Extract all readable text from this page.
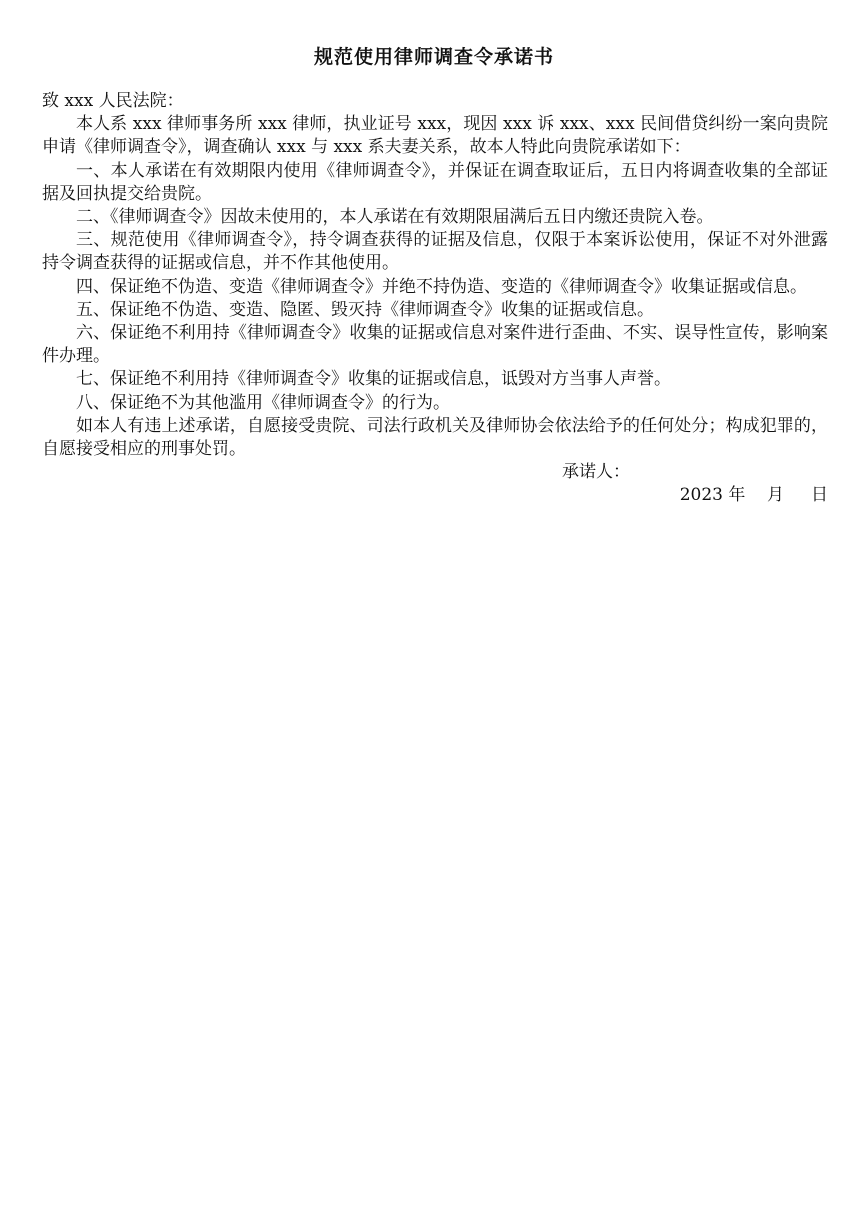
规范使用律师调查令承诺书

致 xxx 人民法院：

本人系 xxx 律师事务所 xxx 律师，执业证号 xxx，现因 xxx 诉 xxx、xxx 民间借贷纠纷一案向贵院申请《律师调查令》，调查确认 xxx 与 xxx 系夫妻关系，故本人特此向贵院承诺如下：

一、本人承诺在有效期限内使用《律师调查令》，并保证在调查取证后，五日内将调查收集的全部证据及回执提交给贵院。

二、《律师调查令》因故未使用的，本人承诺在有效期限届满后五日内缴还贵院入卷。

三、规范使用《律师调查令》，持令调查获得的证据及信息，仅限于本案诉讼使用，保证不对外泄露持令调查获得的证据或信息，并不作其他使用。

四、保证绝不伪造、变造《律师调查令》并绝不持伪造、变造的《律师调查令》收集证据或信息。

五、保证绝不伪造、变造、隐匿、毁灭持《律师调查令》收集的证据或信息。

六、保证绝不利用持《律师调查令》收集的证据或信息对案件进行歪曲、不实、误导性宣传，影响案件办理。

七、保证绝不利用持《律师调查令》收集的证据或信息，诋毁对方当事人声誉。

八、保证绝不为其他滥用《律师调查令》的行为。

如本人有违上述承诺，自愿接受贵院、司法行政机关及律师协会依法给予的任何处分；构成犯罪的，自愿接受相应的刑事处罚。

承诺人：

2023 年    月     日
